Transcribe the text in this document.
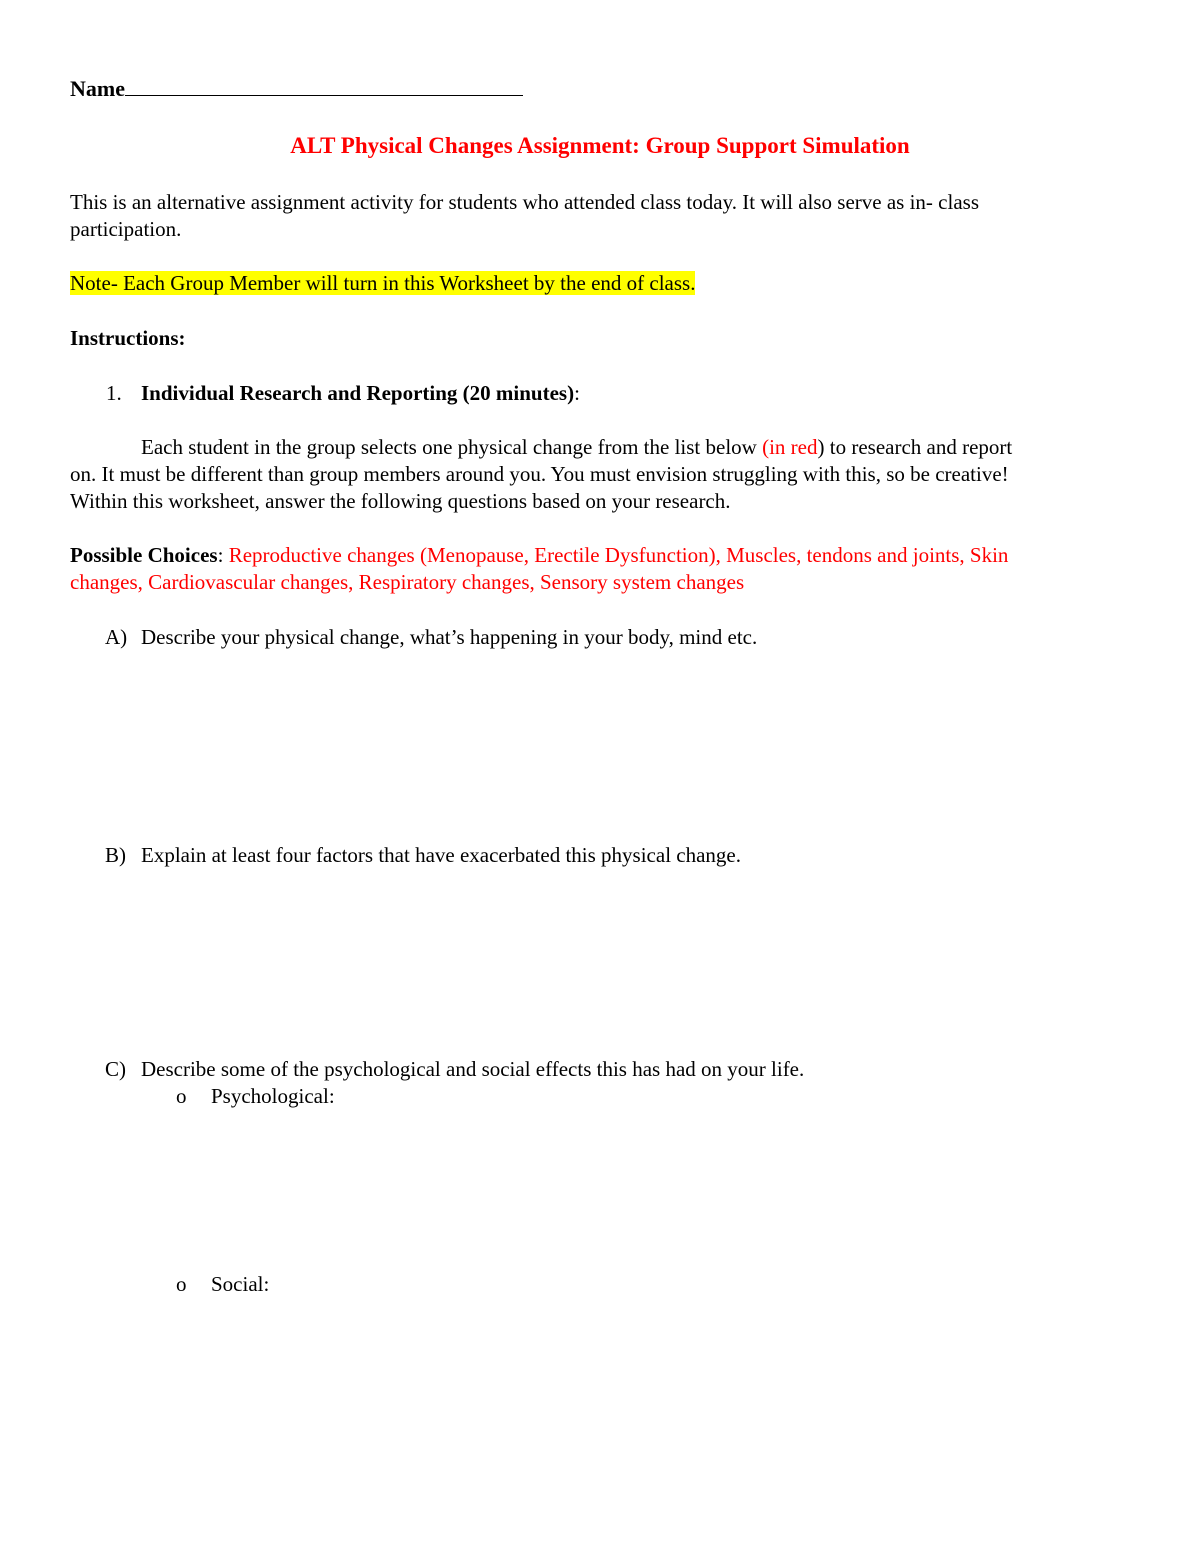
Name
ALT Physical Changes Assignment: Group Support Simulation
This is an alternative assignment activity for students who attended class today. It will also serve as in- class
participation.
Note- Each Group Member will turn in this Worksheet by the end of class.
Instructions:
1. Individual Research and Reporting (20 minutes):
Each student in the group selects one physical change from the list below (in red) to research and report
on. It must be different than group members around you. You must envision struggling with this, so be creative!
Within this worksheet, answer the following questions based on your research.
Possible Choices: Reproductive changes (Menopause, Erectile Dysfunction), Muscles, tendons and joints, Skin
changes, Cardiovascular changes, Respiratory changes, Sensory system changes
A) Describe your physical change, what’s happening in your body, mind etc.
B) Explain at least four factors that have exacerbated this physical change.
C) Describe some of the psychological and social effects this has had on your life.
o Psychological:
o Social:
